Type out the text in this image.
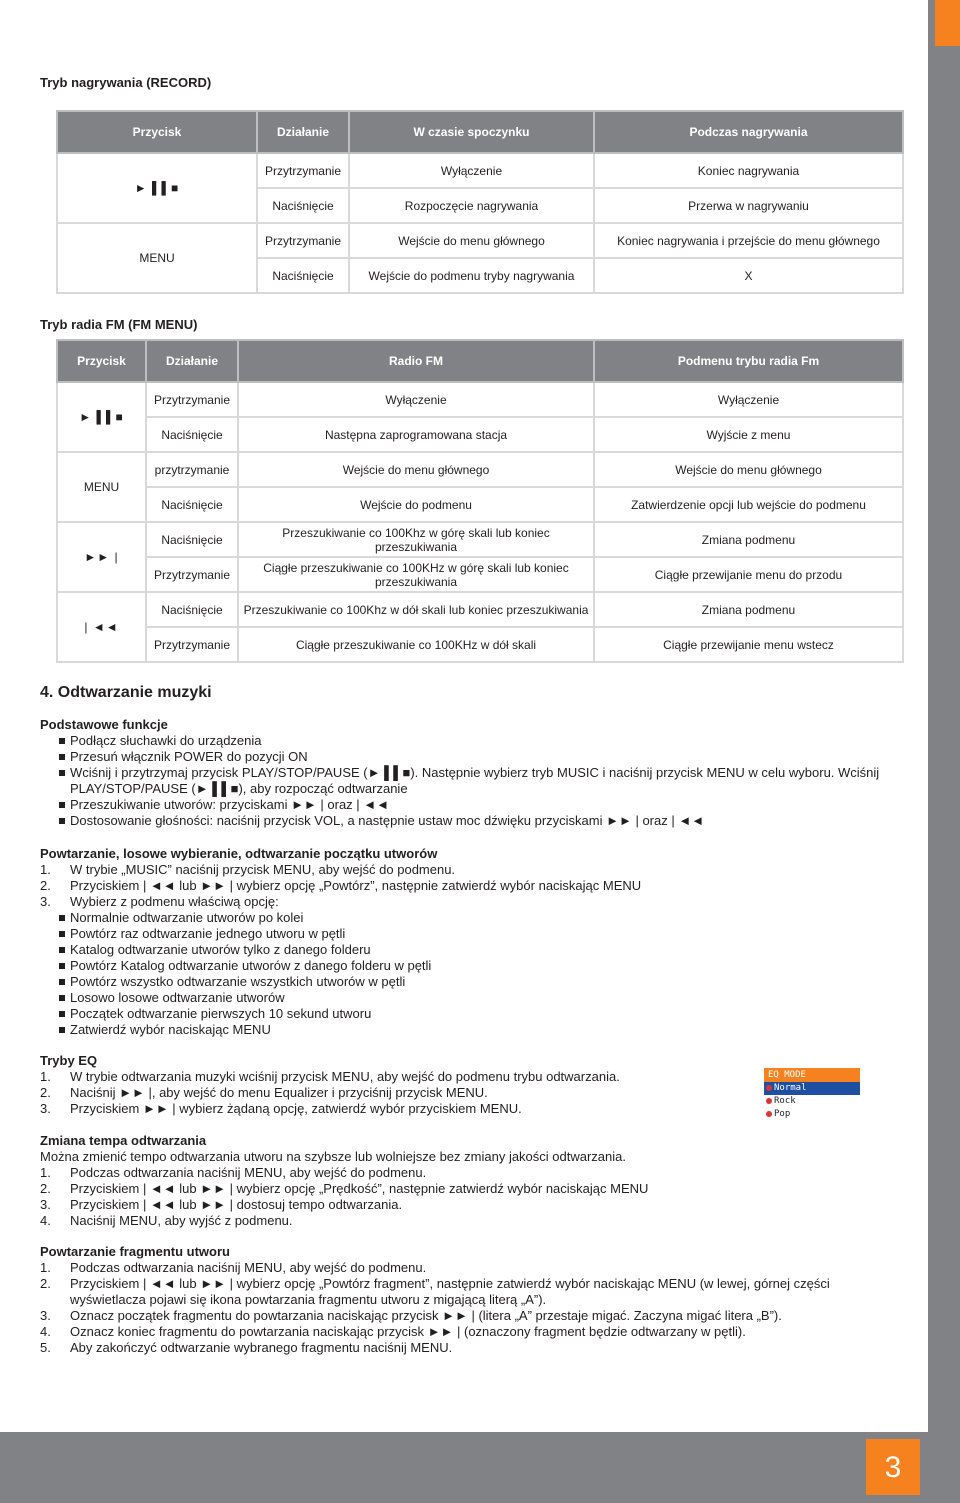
Tryb nagrywania (RECORD)
Przycisk	Działanie	W czasie spoczynku	Podczas nagrywania
► ▌▌■	Przytrzymanie	Wyłączenie	Koniec nagrywania
	Naciśnięcie	Rozpoczęcie nagrywania	Przerwa w nagrywaniu
MENU	Przytrzymanie	Wejście do menu głównego	Koniec nagrywania i przejście do menu głównego
	Naciśnięcie	Wejście do podmenu tryby nagrywania	X
Tryb radia FM (FM MENU)
Przycisk	Działanie	Radio FM	Podmenu trybu radia Fm
► ▌▌■	Przytrzymanie	Wyłączenie	Wyłączenie
	Naciśnięcie	Następna zaprogramowana stacja	Wyjście z menu
MENU	przytrzymanie	Wejście do menu głównego	Wejście do menu głównego
	Naciśnięcie	Wejście do podmenu	Zatwierdzenie opcji lub wejście do podmenu
►► |	Naciśnięcie	Przeszukiwanie co 100Khz w górę skali lub koniec przeszukiwania	Zmiana podmenu
	Przytrzymanie	Ciągłe przeszukiwanie co 100KHz w górę skali lub koniec przeszukiwania	Ciągłe przewijanie menu do przodu
| ◄◄	Naciśnięcie	Przeszukiwanie co 100Khz w dół skali lub koniec przeszukiwania	Zmiana podmenu
	Przytrzymanie	Ciągłe przeszukiwanie co 100KHz w dół skali	Ciągłe przewijanie menu wstecz
4. Odtwarzanie muzyki
Podstawowe funkcje
Podłącz słuchawki do urządzenia
Przesuń włącznik POWER do pozycji ON
Wciśnij i przytrzymaj przycisk PLAY/STOP/PAUSE (► ▌▌■). Następnie wybierz tryb MUSIC i naciśnij przycisk MENU w celu wyboru. Wciśnij PLAY/STOP/PAUSE (► ▌▌■), aby rozpocząć odtwarzanie
Przeszukiwanie utworów: przyciskami ►► | oraz | ◄◄
Dostosowanie głośności: naciśnij przycisk VOL, a następnie ustaw moc dźwięku przyciskami ►► | oraz | ◄◄
Powtarzanie, losowe wybieranie, odtwarzanie początku utworów
1. W trybie „MUSIC” naciśnij przycisk MENU, aby wejść do podmenu.
2. Przyciskiem | ◄◄ lub ►► | wybierz opcję „Powtórz”, następnie zatwierdź wybór naciskając MENU
3. Wybierz z podmenu właściwą opcję:
Normalnie odtwarzanie utworów po kolei
Powtórz raz odtwarzanie jednego utworu w pętli
Katalog odtwarzanie utworów tylko z danego folderu
Powtórz Katalog odtwarzanie utworów z danego folderu w pętli
Powtórz wszystko odtwarzanie wszystkich utworów w pętli
Losowo losowe odtwarzanie utworów
Początek odtwarzanie pierwszych 10 sekund utworu
Zatwierdź wybór naciskając MENU
Tryby EQ
1. W trybie odtwarzania muzyki wciśnij przycisk MENU, aby wejść do podmenu trybu odtwarzania.
2. Naciśnij ►► |, aby wejść do menu Equalizer i przyciśnij przycisk MENU.
3. Przyciskiem ►► | wybierz żądaną opcję, zatwierdź wybór przyciskiem MENU.
EQ MODE
Normal
Rock
Pop
Zmiana tempa odtwarzania
Można zmienić tempo odtwarzania utworu na szybsze lub wolniejsze bez zmiany jakości odtwarzania.
1. Podczas odtwarzania naciśnij MENU, aby wejść do podmenu.
2. Przyciskiem | ◄◄ lub ►► | wybierz opcję „Prędkość”, następnie zatwierdź wybór naciskając MENU
3. Przyciskiem | ◄◄ lub ►► | dostosuj tempo odtwarzania.
4. Naciśnij MENU, aby wyjść z podmenu.
Powtarzanie fragmentu utworu
1. Podczas odtwarzania naciśnij MENU, aby wejść do podmenu.
2. Przyciskiem | ◄◄ lub ►► | wybierz opcję „Powtórz fragment”, następnie zatwierdź wybór naciskając MENU (w lewej, górnej części wyświetlacza pojawi się ikona powtarzania fragmentu utworu z migającą literą „A”).
3. Oznacz początek fragmentu do powtarzania naciskając przycisk ►► | (litera „A” przestaje migać. Zaczyna migać litera „B”).
4. Oznacz koniec fragmentu do powtarzania naciskając przycisk ►► | (oznaczony fragment będzie odtwarzany w pętli).
5. Aby zakończyć odtwarzanie wybranego fragmentu naciśnij MENU.
3
